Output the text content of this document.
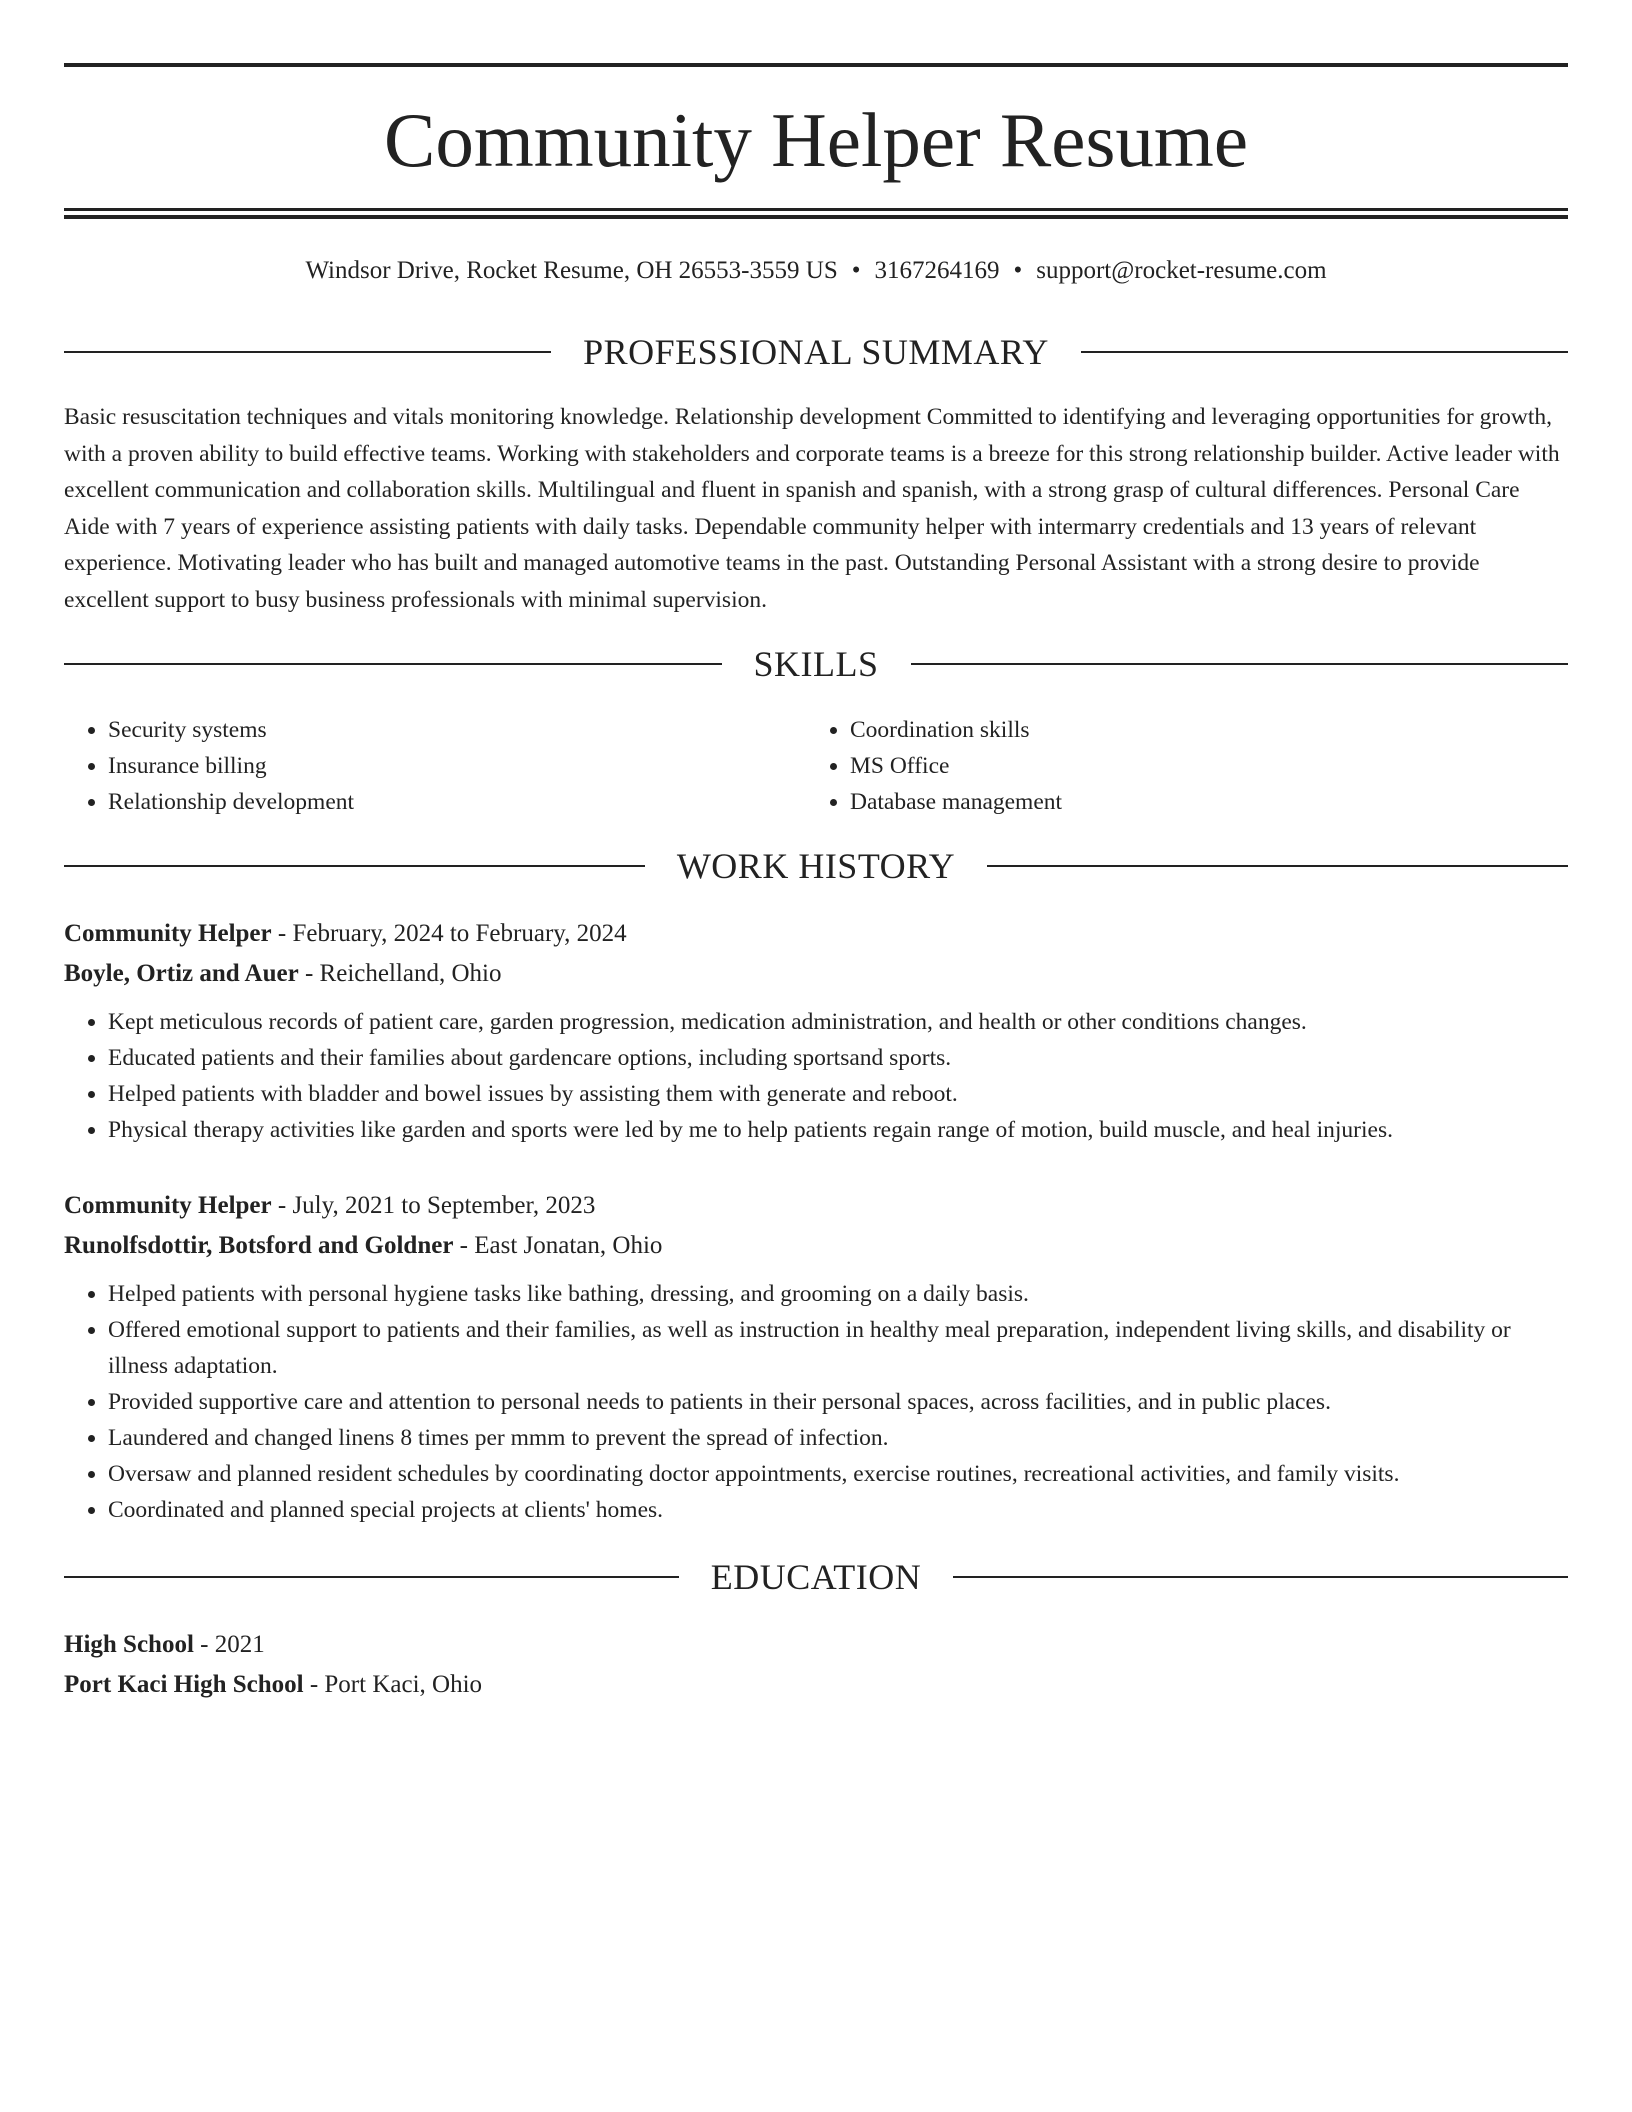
Community Helper Resume
Windsor Drive, Rocket Resume, OH 26553-3559 US • 3167264169 • support@rocket-resume.com
PROFESSIONAL SUMMARY

Basic resuscitation techniques and vitals monitoring knowledge. Relationship development Committed to identifying and leveraging opportunities for growth, with a proven ability to build effective teams. Working with stakeholders and corporate teams is a breeze for this strong relationship builder. Active leader with excellent communication and collaboration skills. Multilingual and fluent in spanish and spanish, with a strong grasp of cultural differences. Personal Care Aide with 7 years of experience assisting patients with daily tasks. Dependable community helper with intermarry credentials and 13 years of relevant experience. Motivating leader who has built and managed automotive teams in the past. Outstanding Personal Assistant with a strong desire to provide excellent support to busy business professionals with minimal supervision.

SKILLS
• Security systems
• Insurance billing
• Relationship development
• Coordination skills
• MS Office
• Database management
WORK HISTORY
Community Helper - February, 2024 to February, 2024
Boyle, Ortiz and Auer - Reichelland, Ohio
• Kept meticulous records of patient care, garden progression, medication administration, and health or other conditions changes.
• Educated patients and their families about gardencare options, including sportsand sports.
• Helped patients with bladder and bowel issues by assisting them with generate and reboot.
• Physical therapy activities like garden and sports were led by me to help patients regain range of motion, build muscle, and heal injuries.
Community Helper - July, 2021 to September, 2023
Runolfsdottir, Botsford and Goldner - East Jonatan, Ohio
• Helped patients with personal hygiene tasks like bathing, dressing, and grooming on a daily basis.
• Offered emotional support to patients and their families, as well as instruction in healthy meal preparation, independent living skills, and disability or illness adaptation.
• Provided supportive care and attention to personal needs to patients in their personal spaces, across facilities, and in public places.
• Laundered and changed linens 8 times per mmm to prevent the spread of infection.
• Oversaw and planned resident schedules by coordinating doctor appointments, exercise routines, recreational activities, and family visits.
• Coordinated and planned special projects at clients' homes.
EDUCATION
High School - 2021
Port Kaci High School - Port Kaci, Ohio
